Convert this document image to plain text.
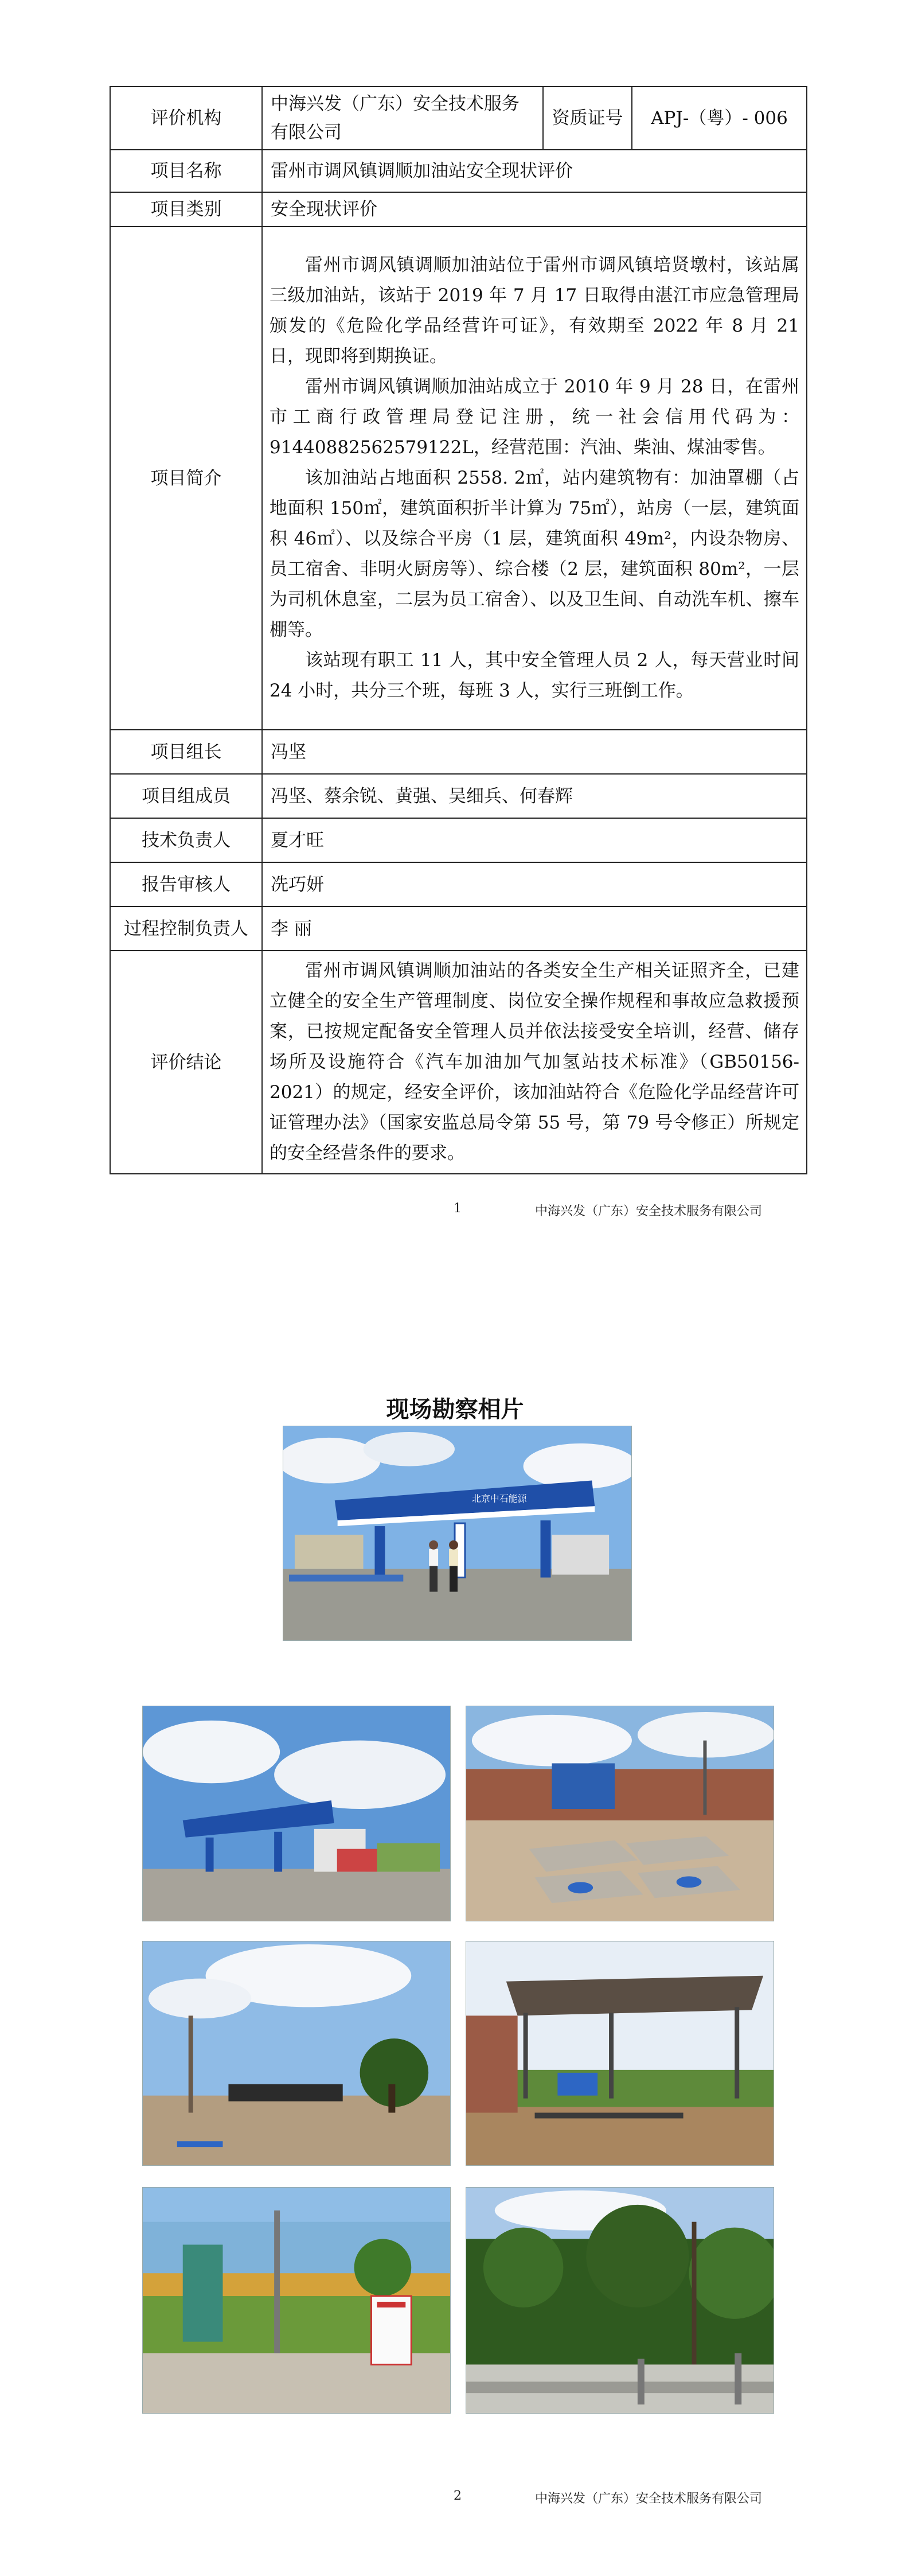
评价机构	中海兴发（广东）安全技术服务有限公司	资质证号	APJ-（粤）- 006
项目名称	雷州市调风镇调顺加油站安全现状评价		
项目类别	安全现状评价		
项目简介	雷州市调风镇调顺加油站位于雷州市调风镇培贤墩村，该站属三级加油站，该站于 2019 年 7 月 17 日取得由湛江市应急管理局颁发的《危险化学品经营许可证》，有效期至 2022 年 8 月 21 日，现即将到期换证。

雷州市调风镇调顺加油站成立于 2010 年 9 月 28 日，在雷州市工商行政管理局登记注册，统一社会信用代码为：91440882562579122L，经营范围：汽油、柴油、煤油零售。

该加油站占地面积 2558. 2㎡，站内建筑物有：加油罩棚（占地面积 150㎡，建筑面积折半计算为 75㎡），站房（一层，建筑面积 46㎡）、以及综合平房（1 层，建筑面积 49m²，内设杂物房、员工宿舍、非明火厨房等）、综合楼（2 层，建筑面积 80m²，一层为司机休息室，二层为员工宿舍）、以及卫生间、自动洗车机、擦车棚等。

该站现有职工 11 人，其中安全管理人员 2 人，每天营业时间 24 小时，共分三个班，每班 3 人，实行三班倒工作。		

项目组长	冯坚		
项目组成员	冯坚、蔡余锐、黄强、吴细兵、何春辉		
技术负责人	夏才旺		
报告审核人	冼巧妍		
过程控制负责人	李 丽		
评价结论	雷州市调风镇调顺加油站的各类安全生产相关证照齐全，已建立健全的安全生产管理制度、岗位安全操作规程和事故应急救援预案，已按规定配备安全管理人员并依法接受安全培训，经营、储存场所及设施符合《汽车加油加气加氢站技术标准》（GB50156-2021）的规定，经安全评价，该加油站符合《危险化学品经营许可证管理办法》（国家安监总局令第 55 号，第 79 号令修正）所规定的安全经营条件的要求。		

1	中海兴发（广东）安全技术服务有限公司
现场勘察相片
北京中石能源
2	中海兴发（广东）安全技术服务有限公司
